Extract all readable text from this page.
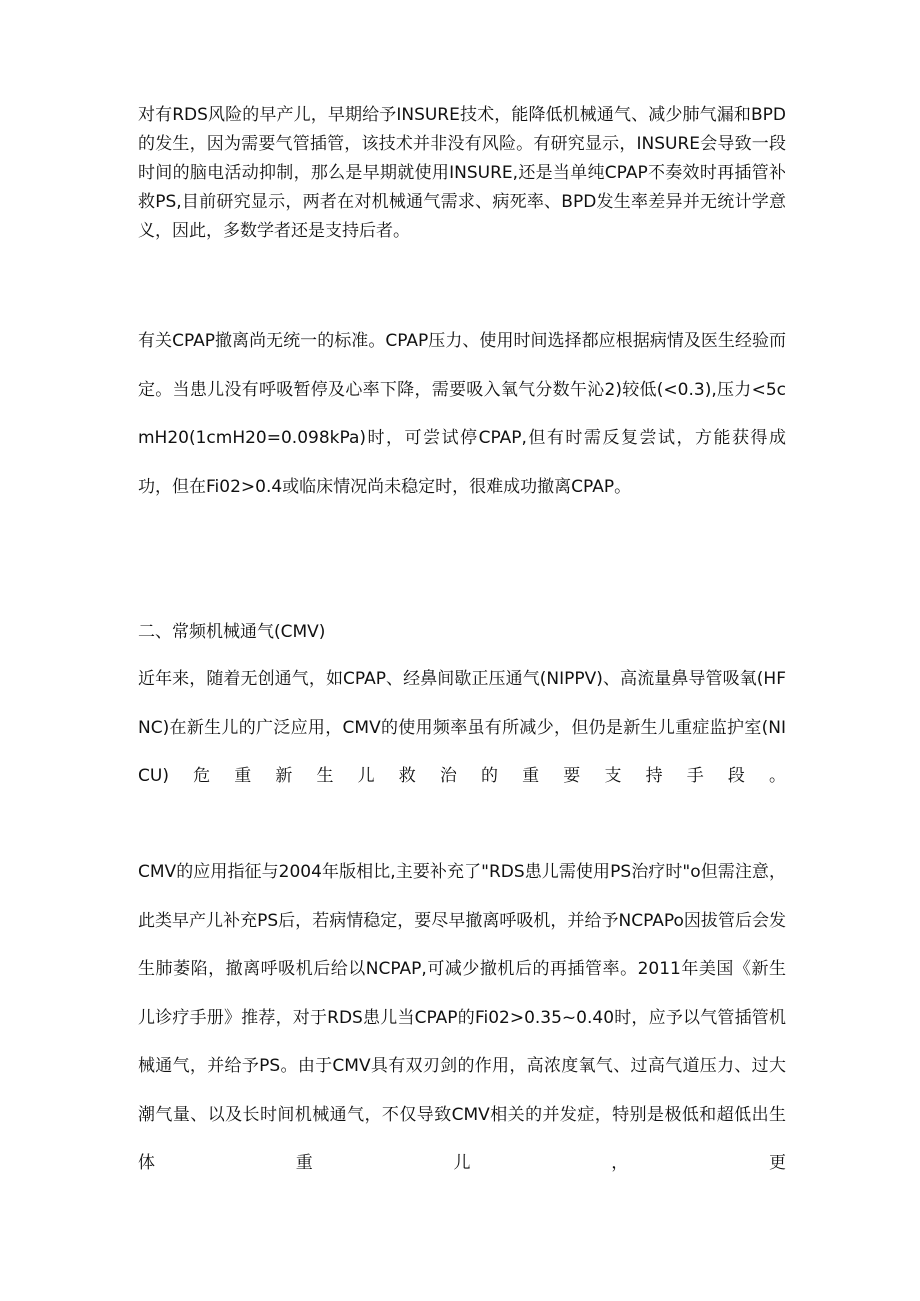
对有RDS风险的早产儿，早期给予INSURE技术，能降低机械通气、减少肺气漏和BPD的发生，因为需要气管插管，该技术并非没有风险。有研究显示，INSURE会导致一段时间的脑电活动抑制，那么是早期就使用INSURE,还是当单纯CPAP不奏效时再插管补救PS,目前研究显示，两者在对机械通气需求、病死率、BPD发生率差异并无统计学意义，因此，多数学者还是支持后者。

有关CPAP撤离尚无统一的标准。CPAP压力、使用时间选择都应根据病情及医生经验而定。当患儿没有呼吸暂停及心率下降，需要吸入氧气分数午沁2)较低(<0.3),压力<5cmH20(1cmH20=0.098kPa)时，可尝试停CPAP,但有时需反复尝试，方能获得成功，但在Fi02>0.4或临床情况尚未稳定时，很难成功撤离CPAP。

二、常频机械通气(CMV)

近年来，随着无创通气，如CPAP、经鼻间歇正压通气(NIPPV)、高流量鼻导管吸氧(HFNC)在新生儿的广泛应用，CMV的使用频率虽有所减少，但仍是新生儿重症监护室(NICU)危重新生儿救治的重要支持手段。

CMV的应用指征与2004年版相比,主要补充了"RDS患儿需使用PS治疗时"o但需注意，此类早产儿补充PS后，若病情稳定，要尽早撤离呼吸机，并给予NCPAPo因拔管后会发生肺萎陷，撤离呼吸机后给以NCPAP,可减少撤机后的再插管率。2011年美国《新生儿诊疗手册》推荐，对于RDS患儿当CPAP的Fi02>0.35~0.40时，应予以气管插管机械通气，并给予PS。由于CMV具有双刃剑的作用，高浓度氧气、过高气道压力、过大潮气量、以及长时间机械通气，不仅导致CMV相关的并发症，特别是极低和超低出生体重儿，更
